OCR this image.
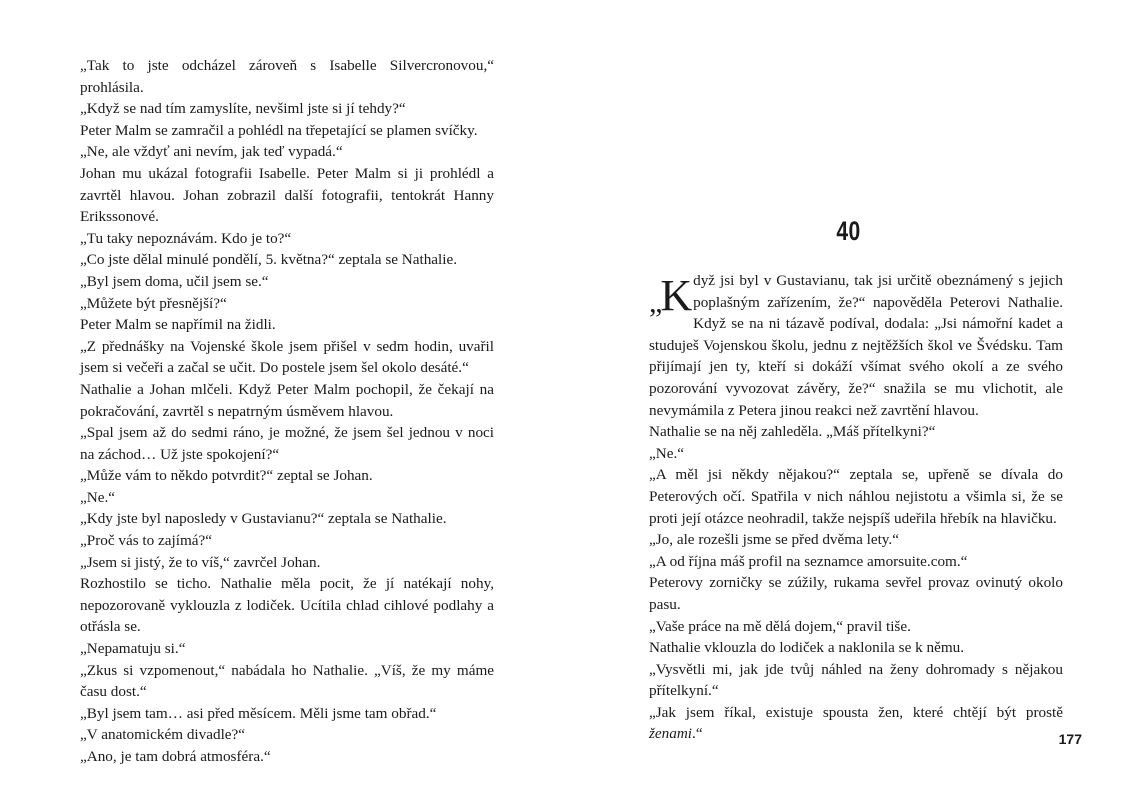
„Tak to jste odcházel zároveň s Isabelle Silvercronovou,“ prohlásila.

„Když se nad tím zamyslíte, nevšiml jste si jí tehdy?“

Peter Malm se zamračil a pohlédl na třepetající se plamen svíčky.

„Ne, ale vždyť ani nevím, jak teď vypadá.“

Johan mu ukázal fotografii Isabelle. Peter Malm si ji prohlédl a zavrtěl hlavou. Johan zobrazil další fotografii, tentokrát Hanny Erikssonové.

„Tu taky nepoznávám. Kdo je to?“

„Co jste dělal minulé pondělí, 5. května?“ zeptala se Nathalie.

„Byl jsem doma, učil jsem se.“

„Můžete být přesnější?“

Peter Malm se napřímil na židli.

„Z přednášky na Vojenské škole jsem přišel v sedm hodin, uvařil jsem si večeři a začal se učit. Do postele jsem šel okolo desáté.“

Nathalie a Johan mlčeli. Když Peter Malm pochopil, že čekají na pokračování, zavrtěl s nepatrným úsměvem hlavou.

„Spal jsem až do sedmi ráno, je možné, že jsem šel jednou v noci na záchod… Už jste spokojení?“

„Může vám to někdo potvrdit?“ zeptal se Johan.

„Ne.“

„Kdy jste byl naposledy v Gustavianu?“ zeptala se Nathalie.

„Proč vás to zajímá?“

„Jsem si jistý, že to víš,“ zavrčel Johan.

Rozhostilo se ticho. Nathalie měla pocit, že jí natékají nohy, nepozorovaně vyklouzla z lodiček. Ucítila chlad cihlové podlahy a otřásla se.

„Nepamatuju si.“

„Zkus si vzpomenout,“ nabádala ho Nathalie. „Víš, že my máme času dost.“

„Byl jsem tam… asi před měsícem. Měli jsme tam obřad.“

„V anatomickém divadle?“

„Ano, je tam dobrá atmosféra.“

40

„
K dyž jsi byl v Gustavianu, tak jsi určitě obeznámený s jejich poplašným zařízením, že?“ napověděla Peterovi Nathalie. Když se na ni tázavě podíval, dodala: „Jsi námořní kadet a studuješ Vojenskou školu, jednu z nejtěžších škol ve Švédsku. Tam přijímají jen ty, kteří si dokáží všímat svého okolí a ze svého pozorování vyvozovat závěry, že?“ snažila se mu vlichotit, ale nevymámila z Petera jinou reakci než zavrtění hlavou.

Nathalie se na něj zahleděla. „Máš přítelkyni?“

„Ne.“

„A měl jsi někdy nějakou?“ zeptala se, upřeně se dívala do Peterových očí. Spatřila v nich náhlou nejistotu a všimla si, že se proti její otázce neohradil, takže nejspíš udeřila hřebík na hlavičku.

„Jo, ale rozešli jsme se před dvěma lety.“

„A od října máš profil na seznamce amorsuite.com.“

Peterovy zorničky se zúžily, rukama sevřel provaz ovinutý okolo pasu.

„Vaše práce na mě dělá dojem,“ pravil tiše.

Nathalie vklouzla do lodiček a naklonila se k němu.

„Vysvětli mi, jak jde tvůj náhled na ženy dohromady s nějakou přítelkyní.“

„Jak jsem říkal, existuje spousta žen, které chtějí být prostě ženami.“	177
